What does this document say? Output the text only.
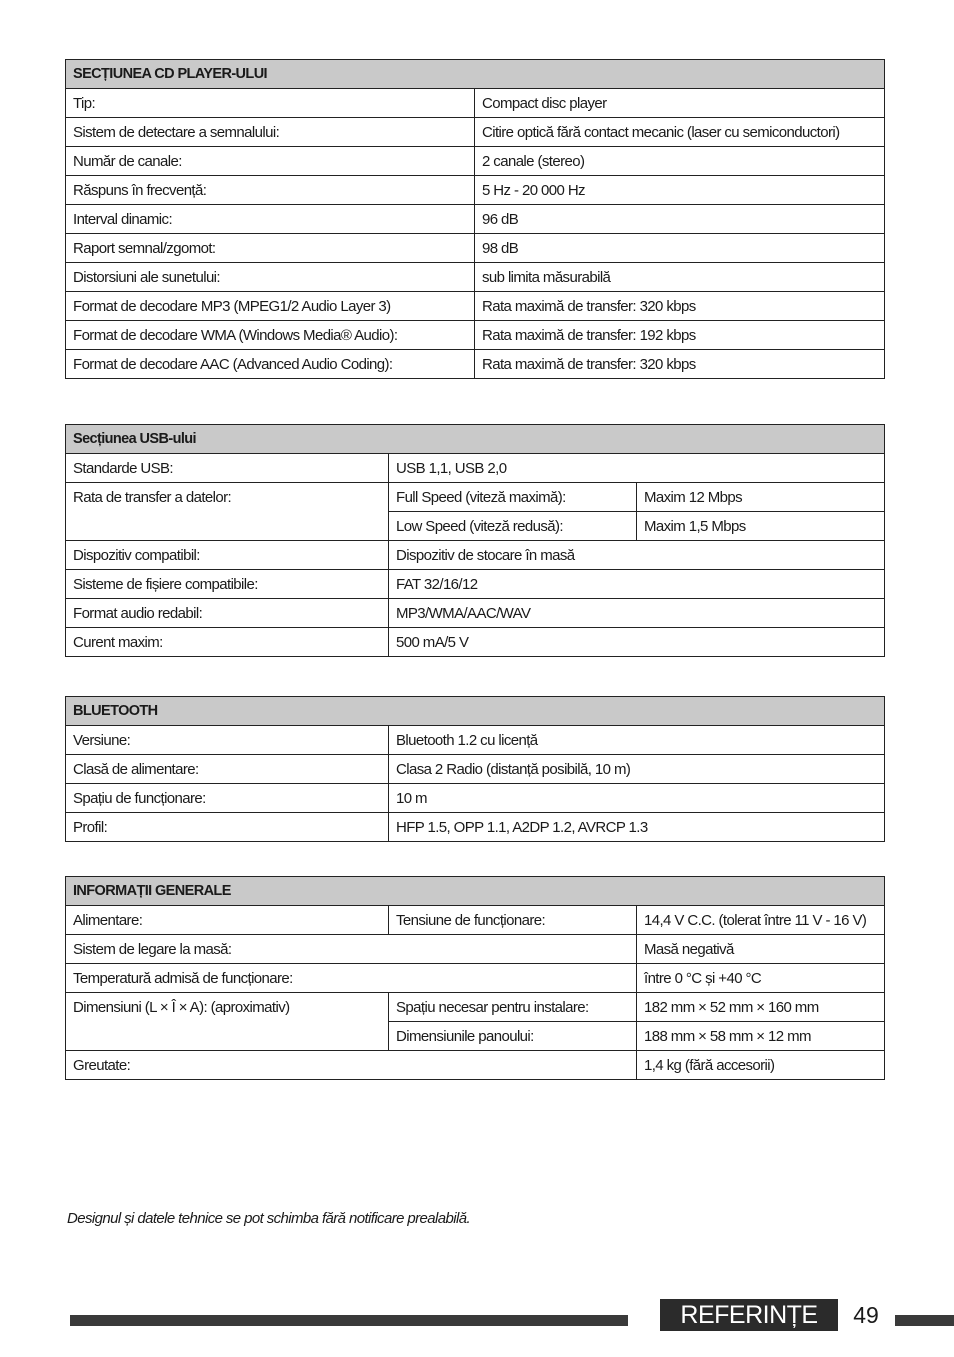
SECȚIUNEA CD PLAYER-ULUI	
Tip:	Compact disc player
Sistem de detectare a semnalului:	Citire optică fără contact mecanic (laser cu semiconductori)
Număr de canale:	2 canale (stereo)
Răspuns în frecvență:	5 Hz - 20 000 Hz
Interval dinamic:	96 dB
Raport semnal/zgomot:	98 dB
Distorsiuni ale sunetului:	sub limita măsurabilă
Format de decodare MP3 (MPEG1/2 Audio Layer 3)	Rata maximă de transfer: 320 kbps
Format de decodare WMA (Windows Media® Audio):	Rata maximă de transfer: 192 kbps
Format de decodare AAC (Advanced Audio Coding):	Rata maximă de transfer: 320 kbps
Secțiunea USB-ului		
Standarde USB:	USB 1,1, USB 2,0	
Rata de transfer a datelor:	Full Speed (viteză maximă):	Maxim 12 Mbps
	Low Speed (viteză redusă):	Maxim 1,5 Mbps
Dispozitiv compatibil:	Dispozitiv de stocare în masă	
Sisteme de fișiere compatibile:	FAT 32/16/12	
Format audio redabil:	MP3/WMA/AAC/WAV	
Curent maxim:	500 mA/5 V	
BLUETOOTH	
Versiune:	Bluetooth 1.2 cu licență
Clasă de alimentare:	Clasa 2 Radio (distanță posibilă, 10 m)
Spațiu de funcționare:	10 m
Profil:	HFP 1.5, OPP 1.1, A2DP 1.2, AVRCP 1.3
INFORMAȚII GENERALE		
Alimentare:	Tensiune de funcționare:	14,4 V C.C. (tolerat între 11 V - 16 V)
Sistem de legare la masă:		Masă negativă
Temperatură admisă de funcționare:		între 0 °C și +40 °C
Dimensiuni (L × Î × A): (aproximativ)	Spațiu necesar pentru instalare:	182 mm × 52 mm × 160 mm
	Dimensiunile panoului:	188 mm × 58 mm × 12 mm
Greutate:		1,4 kg (fără accesorii)
Designul și datele tehnice se pot schimba fără notificare prealabilă.
REFERINȚE	49
